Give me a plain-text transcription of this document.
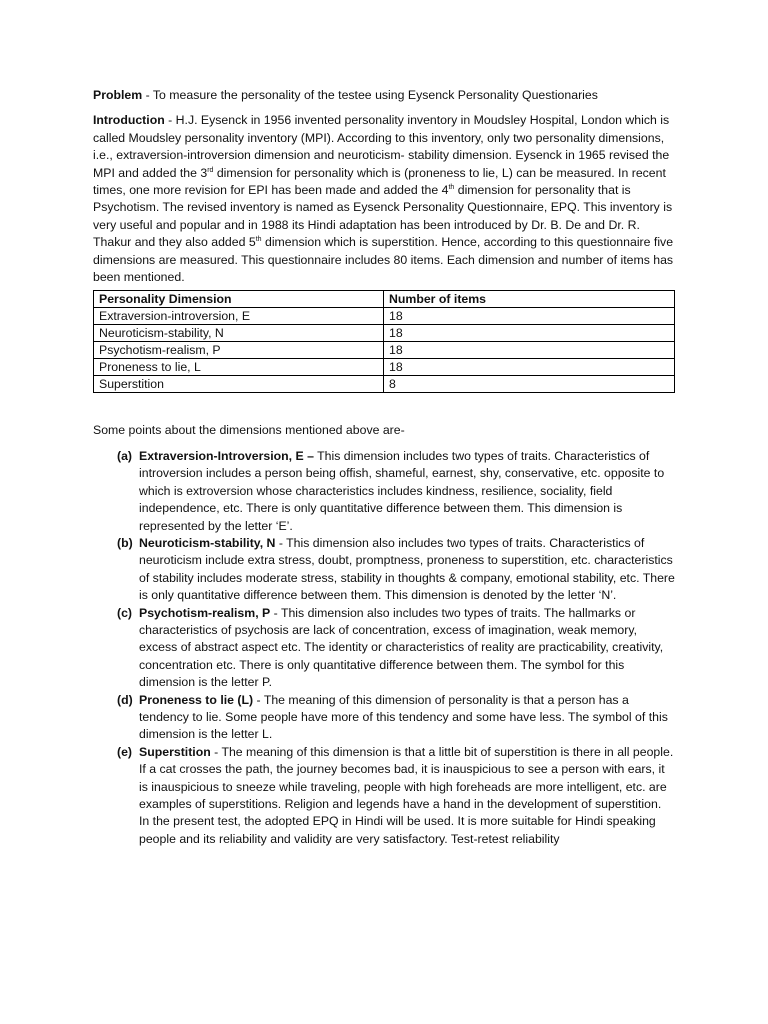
Problem - To measure the personality of the testee using Eysenck Personality Questionaries

Introduction - H.J. Eysenck in 1956 invented personality inventory in Moudsley Hospital, London which is called Moudsley personality inventory (MPI). According to this inventory, only two personality dimensions, i.e., extraversion-introversion dimension and neuroticism- stability dimension. Eysenck in 1965 revised the MPI and added the 3rd dimension for personality which is (proneness to lie, L) can be measured. In recent times, one more revision for EPI has been made and added the 4th dimension for personality that is Psychotism. The revised inventory is named as Eysenck Personality Questionnaire, EPQ. This inventory is very useful and popular and in 1988 its Hindi adaptation has been introduced by Dr. B. De and Dr. R. Thakur and they also added 5th dimension which is superstition. Hence, according to this questionnaire five dimensions are measured. This questionnaire includes 80 items. Each dimension and number of items has been mentioned.

Personality Dimension	Number of items
Extraversion-introversion, E	18
Neuroticism-stability, N	18
Psychotism-realism, P	18
Proneness to lie, L	18
Superstition	8

Some points about the dimensions mentioned above are-

(a) Extraversion-Introversion, E – This dimension includes two types of traits. Characteristics of introversion includes a person being offish, shameful, earnest, shy, conservative, etc. opposite to which is extroversion whose characteristics includes kindness, resilience, sociality, field independence, etc. There is only quantitative difference between them. This dimension is represented by the letter ‘E’.

(b) Neuroticism-stability, N - This dimension also includes two types of traits. Characteristics of neuroticism include extra stress, doubt, promptness, proneness to superstition, etc. characteristics of stability includes moderate stress, stability in thoughts & company, emotional stability, etc. There is only quantitative difference between them. This dimension is denoted by the letter ‘N’.

(c) Psychotism-realism, P - This dimension also includes two types of traits. The hallmarks or characteristics of psychosis are lack of concentration, excess of imagination, weak memory, excess of abstract aspect etc. The identity or characteristics of reality are practicability, creativity, concentration etc. There is only quantitative difference between them. The symbol for this dimension is the letter P.

(d) Proneness to lie (L) - The meaning of this dimension of personality is that a person has a tendency to lie. Some people have more of this tendency and some have less. The symbol of this dimension is the letter L.

(e) Superstition - The meaning of this dimension is that a little bit of superstition is there in all people. If a cat crosses the path, the journey becomes bad, it is inauspicious to see a person with ears, it is inauspicious to sneeze while traveling, people with high foreheads are more intelligent, etc. are examples of superstitions. Religion and legends have a hand in the development of superstition.

In the present test, the adopted EPQ in Hindi will be used. It is more suitable for Hindi speaking people and its reliability and validity are very satisfactory. Test-retest reliability
